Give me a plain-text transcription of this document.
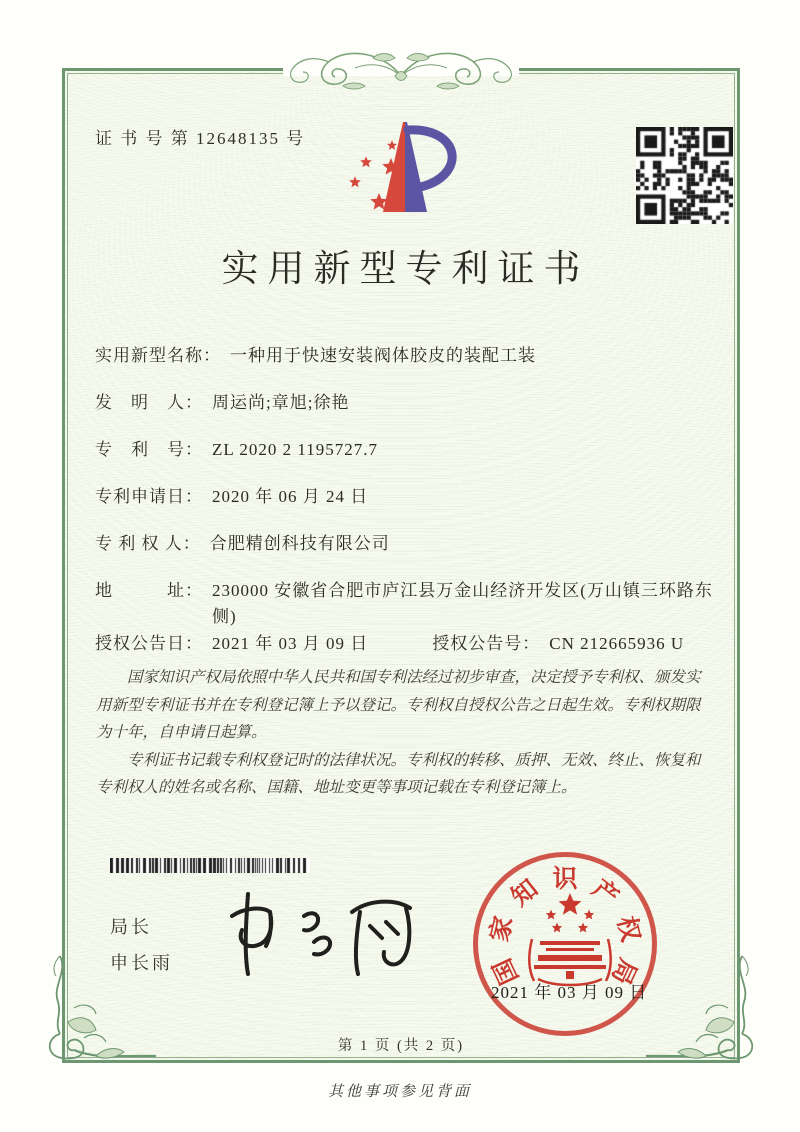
证 书 号 第 12648135 号
实用新型专利证书
实用新型名称： 一种用于快速安装阀体胶皮的装配工装
发　明　人： 周运尚;章旭;徐艳
专　利　号： ZL 2020 2 1195727.7
专利申请日： 2020 年 06 月 24 日
专 利 权 人： 合肥精创科技有限公司
地　　　址： 230000 安徽省合肥市庐江县万金山经济开发区(万山镇三环路东侧)
授权公告日： 2021 年 03 月 09 日	授权公告号： CN 212665936 U

国家知识产权局依照中华人民共和国专利法经过初步审查，决定授予专利权、颁发实用新型专利证书并在专利登记簿上予以登记。专利权自授权公告之日起生效。专利权期限为十年，自申请日起算。

专利证书记载专利权登记时的法律状况。专利权的转移、质押、无效、终止、恢复和专利权人的姓名或名称、国籍、地址变更等事项记载在专利登记簿上。

局长
申长雨	国
家
知 识 产
权
局
2021 年 03 月 09 日
第 1 页 (共 2 页)
其他事项参见背面
